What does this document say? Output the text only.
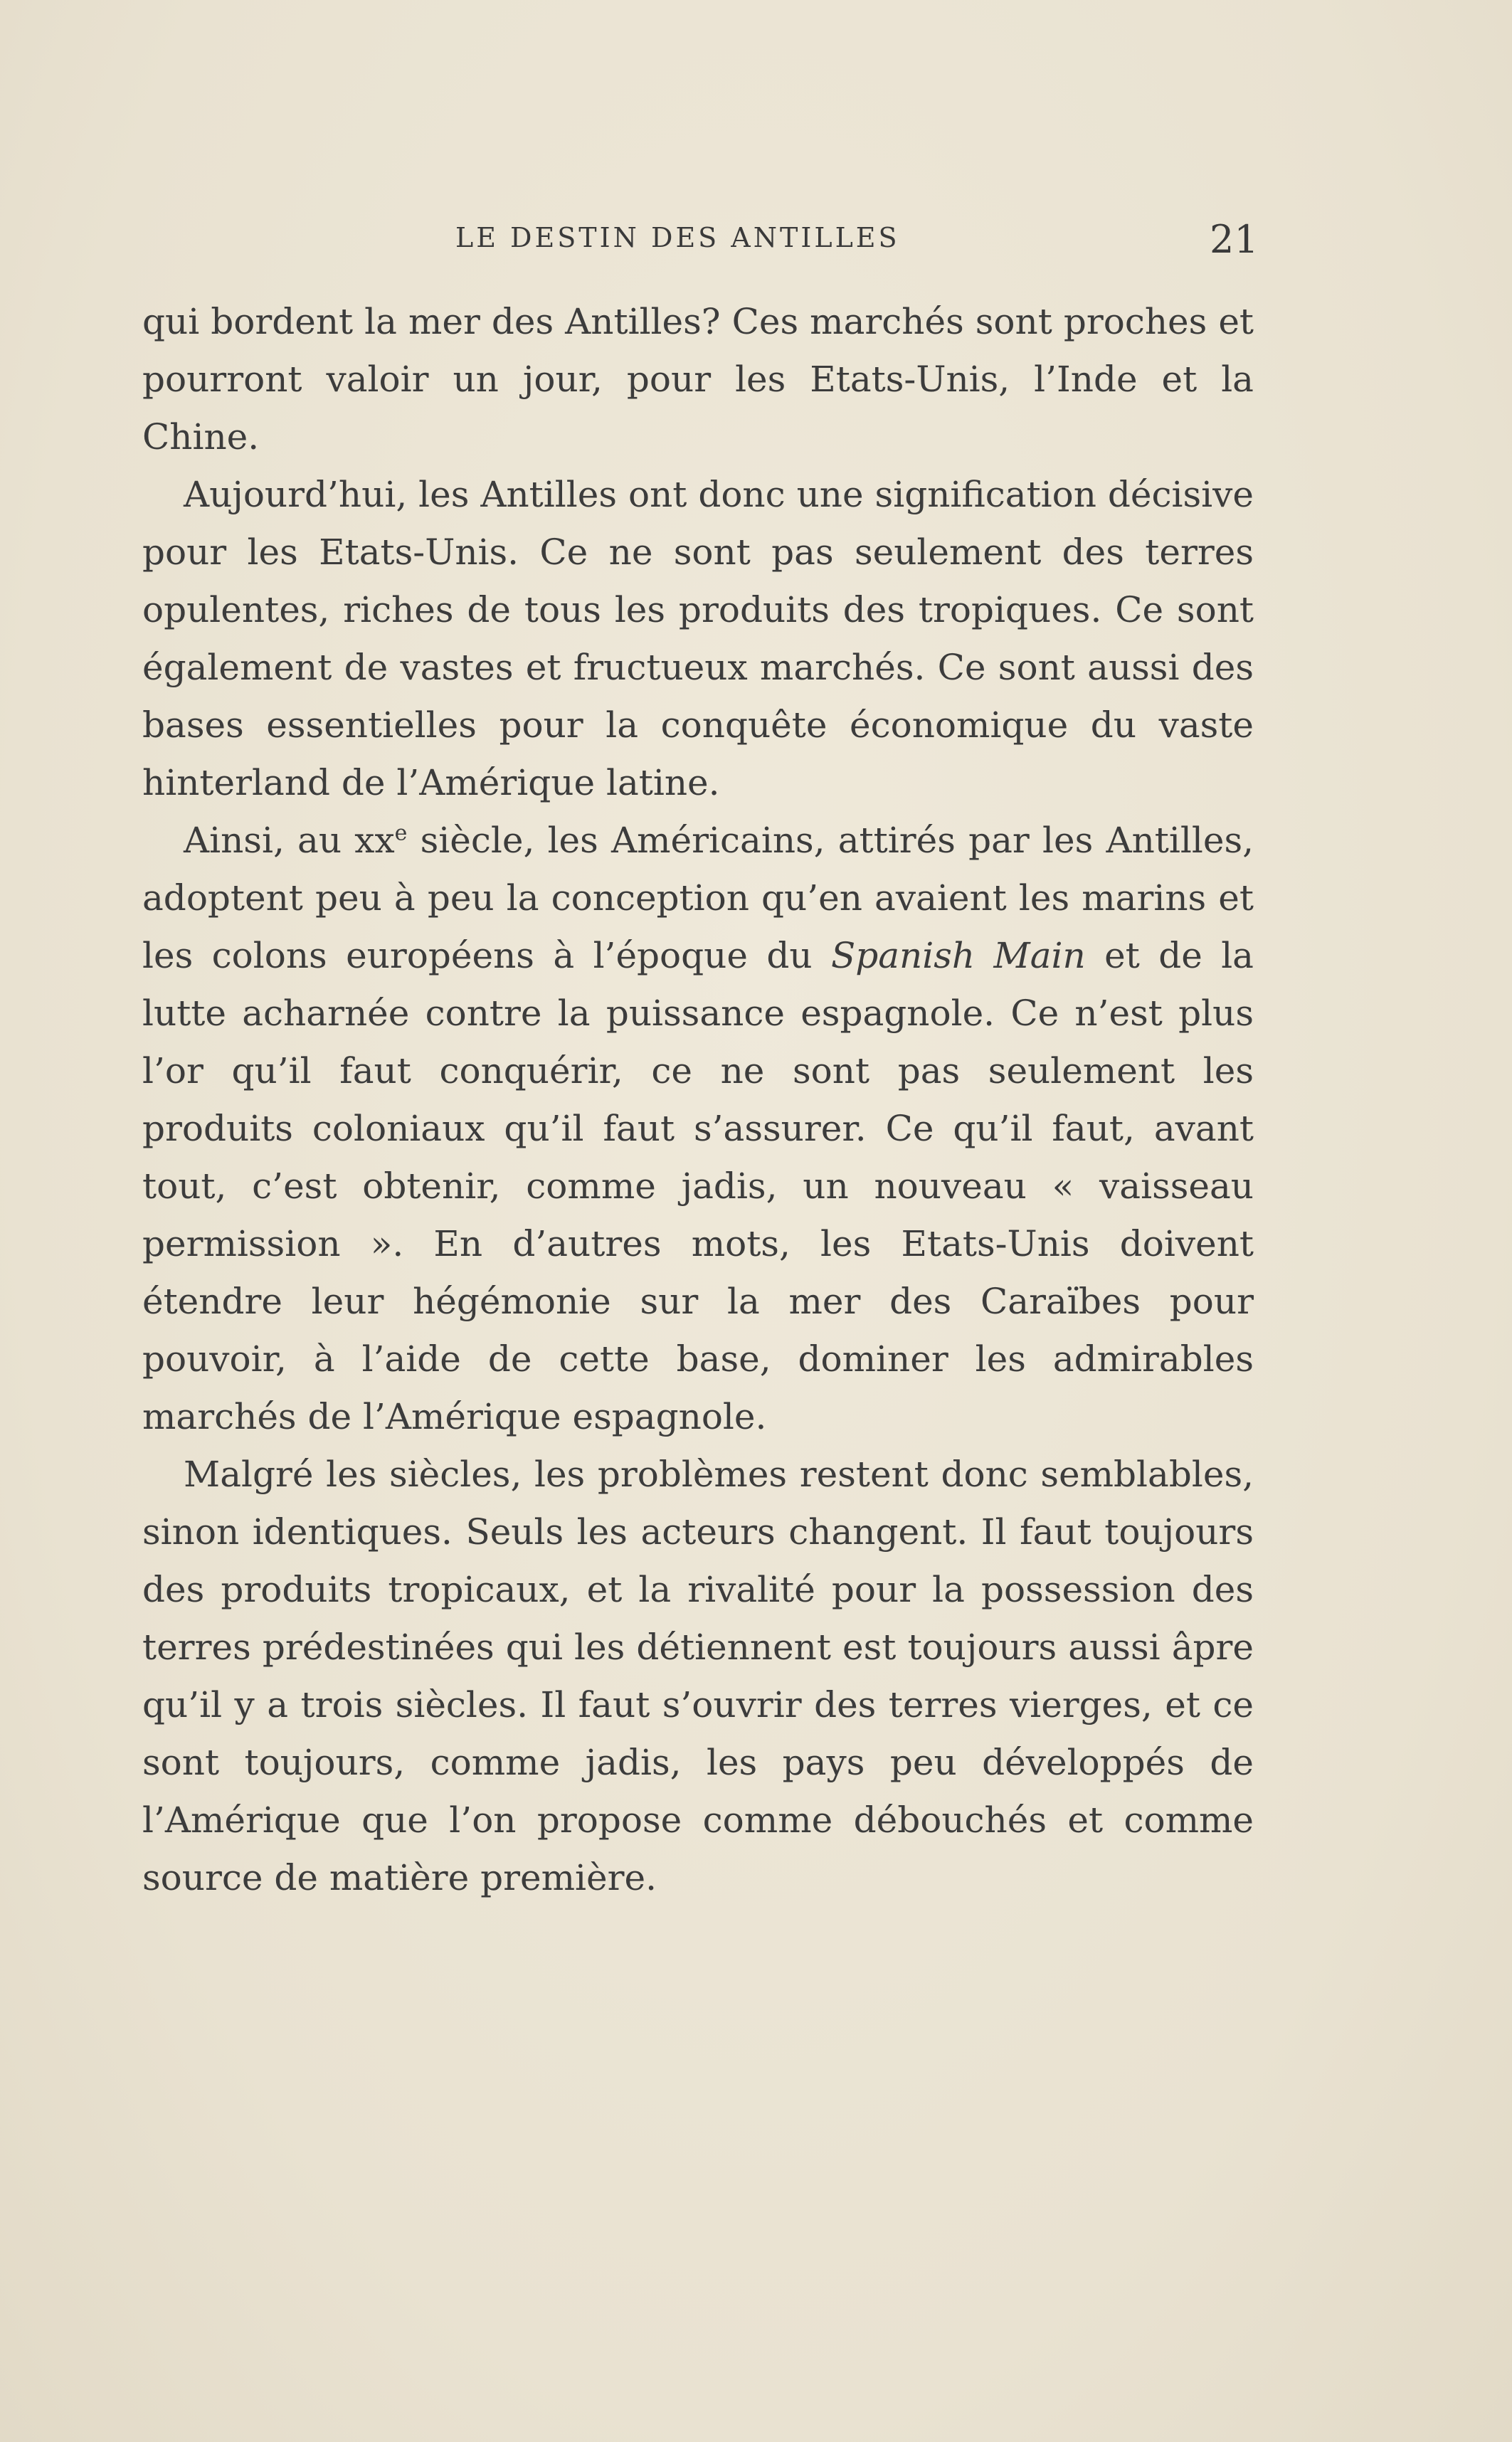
LE DESTIN DES ANTILLES	21

qui bordent la mer des Antilles? Ces marchés sont proches et pourront valoir un jour, pour les Etats-Unis, l’Inde et la Chine.

Aujourd’hui, les Antilles ont donc une signification décisive pour les Etats-Unis. Ce ne sont pas seulement des terres opulentes, riches de tous les produits des tropiques. Ce sont également de vastes et fructueux marchés. Ce sont aussi des bases essentielles pour la conquête économique du vaste hinterland de l’Amérique latine.

Ainsi, au $xx^e$ siècle, les Américains, attirés par les Antilles, adoptent peu à peu la conception qu’en avaient les marins et les colons européens à l’époque du Spanish Main et de la lutte acharnée contre la puissance espagnole. Ce n’est plus l’or qu’il faut conquérir, ce ne sont pas seulement les produits coloniaux qu’il faut s’assurer. Ce qu’il faut, avant tout, c’est obtenir, comme jadis, un nouveau « vaisseau permission ». En d’autres mots, les Etats-Unis doivent étendre leur hégémonie sur la mer des Caraïbes pour pouvoir, à l’aide de cette base, dominer les admirables marchés de l’Amérique espagnole.

Malgré les siècles, les problèmes restent donc semblables, sinon identiques. Seuls les acteurs changent. Il faut toujours des produits tropicaux, et la rivalité pour la possession des terres prédestinées qui les détiennent est toujours aussi âpre qu’il y a trois siècles. Il faut s’ouvrir des terres vierges, et ce sont toujours, comme jadis, les pays peu développés de l’Amérique que l’on propose comme débouchés et comme source de matière première.
